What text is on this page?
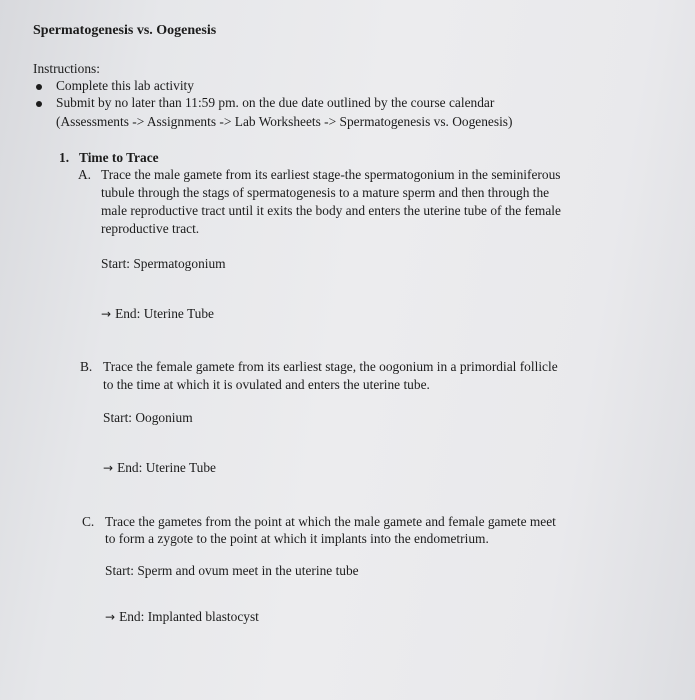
Spermatogenesis vs. Oogenesis
Instructions:
Complete this lab activity
Submit by no later than 11:59 pm. on the due date outlined by the course calendar
(Assessments -> Assignments -> Lab Worksheets -> Spermatogenesis vs. Oogenesis)
1. Time to Trace
A. Trace the male gamete from its earliest stage-the spermatogonium in the seminiferous
tubule through the stags of spermatogenesis to a mature sperm and then through the
male reproductive tract until it exits the body and enters the uterine tube of the female
reproductive tract.
Start: Spermatogonium
→ End: Uterine Tube
B. Trace the female gamete from its earliest stage, the oogonium in a primordial follicle
to the time at which it is ovulated and enters the uterine tube.
Start: Oogonium
→ End: Uterine Tube
C. Trace the gametes from the point at which the male gamete and female gamete meet
to form a zygote to the point at which it implants into the endometrium.
Start: Sperm and ovum meet in the uterine tube
→ End: Implanted blastocyst
